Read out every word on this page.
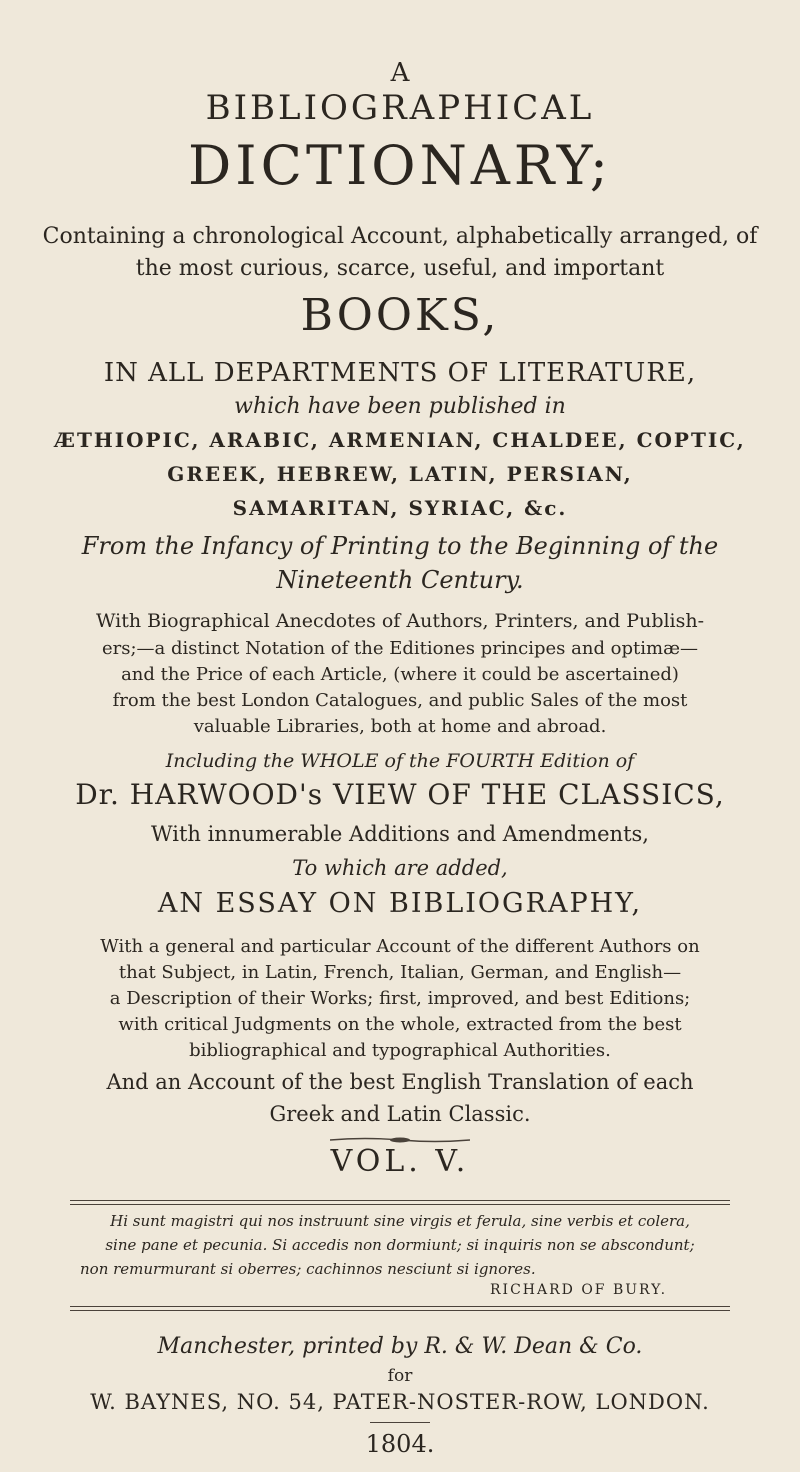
A
BIBLIOGRAPHICAL
DICTIONARY;
Containing a chronological Account, alphabetically arranged, of
the most curious, scarce, useful, and important
BOOKS,
IN ALL DEPARTMENTS OF LITERATURE,
which have been published in
ÆTHIOPIC, ARABIC, ARMENIAN, CHALDEE, COPTIC,
GREEK, HEBREW, LATIN, PERSIAN,
SAMARITAN, SYRIAC, &c.
From the Infancy of Printing to the Beginning of the
Nineteenth Century.
With Biographical Anecdotes of Authors, Printers, and Publish-
ers;—a distinct Notation of the Editiones principes and optimæ—
and the Price of each Article, (where it could be ascertained)
from the best London Catalogues, and public Sales of the most
valuable Libraries, both at home and abroad.
Including the WHOLE of the FOURTH Edition of
Dr. HARWOOD's VIEW OF THE CLASSICS,
With innumerable Additions and Amendments,
To which are added,
AN ESSAY ON BIBLIOGRAPHY,
With a general and particular Account of the different Authors on
that Subject, in Latin, French, Italian, German, and English—
a Description of their Works; first, improved, and best Editions;
with critical Judgments on the whole, extracted from the best
bibliographical and typographical Authorities.
And an Account of the best English Translation of each
Greek and Latin Classic.
VOL. V.
Hi sunt magistri qui nos instruunt sine virgis et ferula, sine verbis et colera,
sine pane et pecunia. Si accedis non dormiunt; si inquiris non se abscondunt;
non remurmurant si oberres; cachinnos nesciunt si ignores.
RICHARD OF BURY.
Manchester, printed by R. & W. Dean & Co.
for
W. BAYNES, NO. 54, PATER-NOSTER-ROW, LONDON.
1804.
